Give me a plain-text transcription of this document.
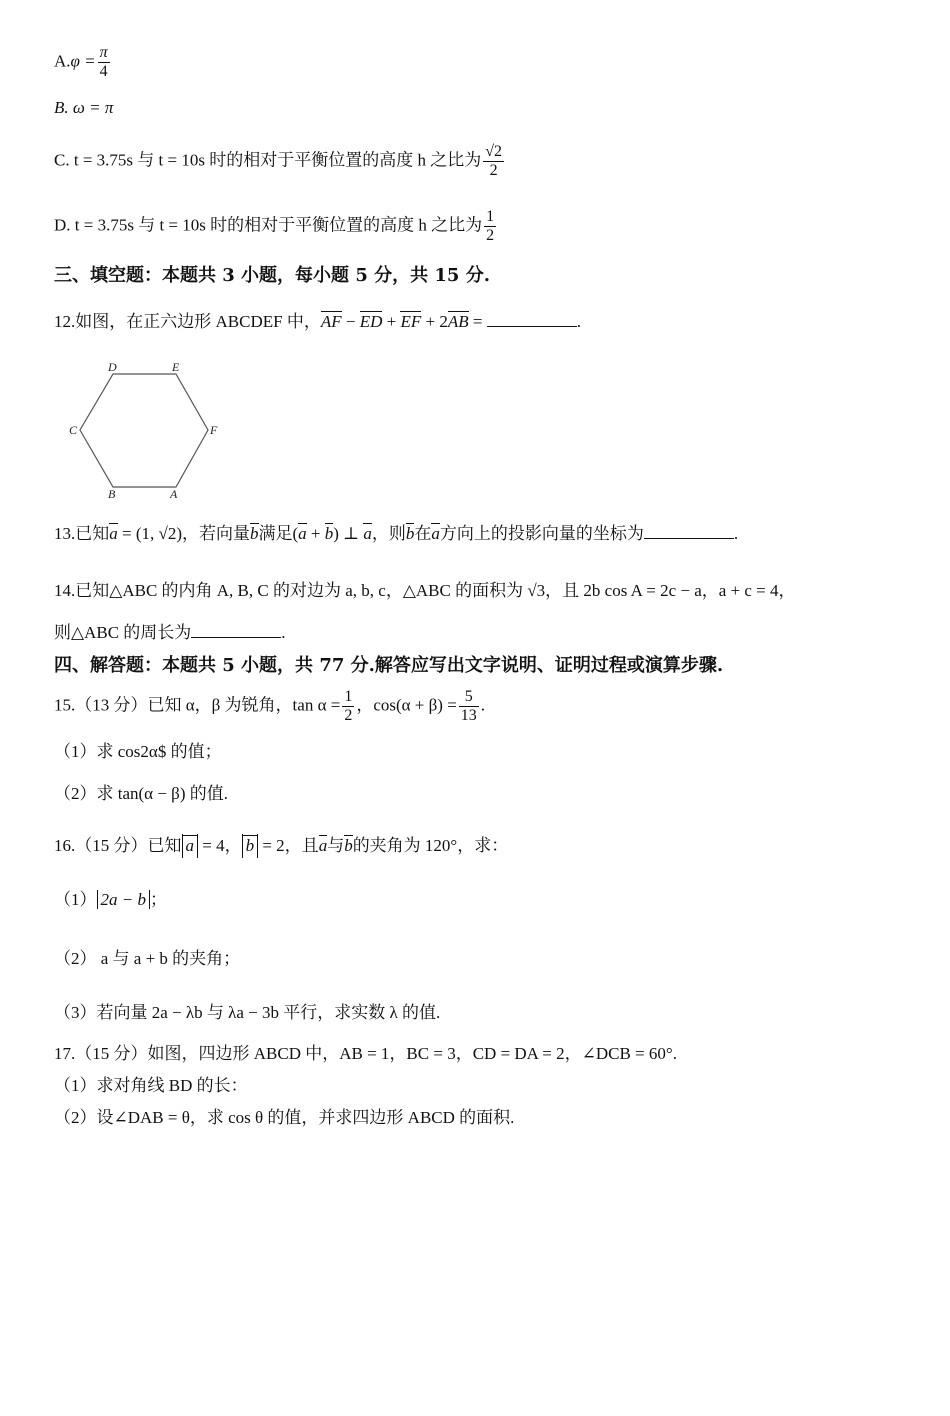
$A.\varphi = \frac{\pi}{4}$
B. ω = π
C. t = 3.75s 与 t = 10s 时的相对于平衡位置的高度 h 之比为 $\frac{√2}{2}$
D. t = 3.75s 与 t = 10s 时的相对于平衡位置的高度 h 之比为 $\frac{1}{2}$
三、填空题：本题共 3 小题，每小题 5 分，共 15 分.
12.如图，在正六边形 ABCDEF 中，AF − ED + EF + 2AB =	.
D	E
C	F
B	A
13.已知a = (1, √2)，若向量b满足(a + b) ⊥ a，则b在a方向上的投影向量的坐标为	.
14.已知△ABC 的内角 A, B, C 的对边为 a, b, c，△ABC 的面积为 √3，且 2b cos A = 2c − a，a + c = 4，
则△ABC 的周长为	.
四、解答题：本题共 5 小题，共 77 分.解答应写出文字说明、证明过程或演算步骤.
15.（13 分）已知 α，β 为锐角，$\tan \alpha = \frac{1}{2}$ ，$\cos(\alpha + \beta) = \frac{5}{13}$ .
（1）求 cos2α$ 的值；
（2）求 tan(α − β) 的值.
16.（15 分）已知 a = 4， b = 2，且a与b的夹角为 120°，求：
（1） 2a − b ；
（2） a 与 a + b 的夹角；
（3）若向量 2a − λb 与 λa − 3b 平行，求实数 λ 的值.
17.（15 分）如图，四边形 ABCD 中，AB = 1，BC = 3，CD = DA = 2，∠DCB = 60°.
（1）求对角线 BD 的长：
（2）设∠DAB = θ，求 cos θ 的值，并求四边形 ABCD 的面积.
